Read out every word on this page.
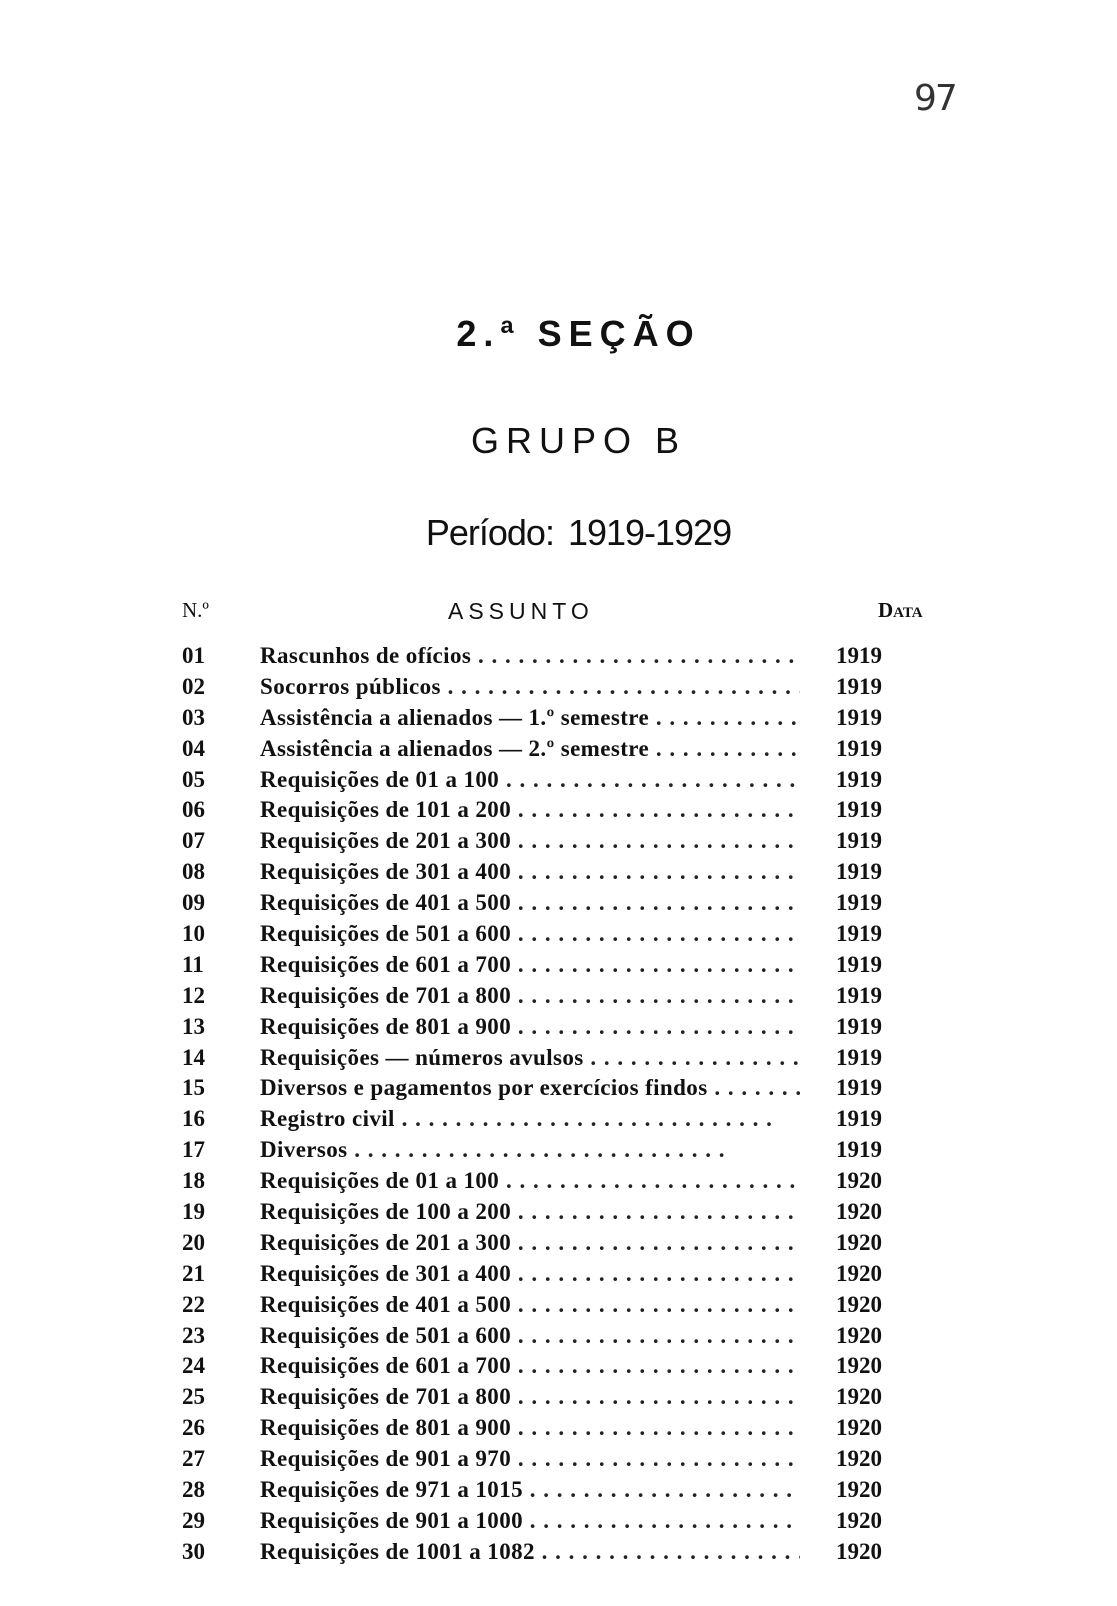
97
2.ª SEÇÃO
GRUPO B
Período: 1919-1929
N.º	ASSUNTO	Data
01	Rascunhos de ofícios . .	1919
02	Socorros públicos . .	1919
03	Assistência a alienados — 1.º semestre . .	1919
04	Assistência a alienados — 2.º semestre . .	1919
05	Requisições de 01 a 100 . .	1919
06	Requisições de 101 a 200 . .	1919
07	Requisições de 201 a 300 . .	1919
08	Requisições de 301 a 400 . .	1919
09	Requisições de 401 a 500 . .	1919
10	Requisições de 501 a 600 . .	1919
11	Requisições de 601 a 700 . .	1919
12	Requisições de 701 a 800 . .	1919
13	Requisições de 801 a 900 . .	1919
14	Requisições — números avulsos . .	1919
15	Diversos e pagamentos por exercícios findos . .	1919
16	Registro civil . .	1919
17	Diversos . .	1919
18	Requisições de 01 a 100 . .	1920
19	Requisições de 100 a 200 . .	1920
20	Requisições de 201 a 300 . .	1920
21	Requisições de 301 a 400 . .	1920
22	Requisições de 401 a 500 . .	1920
23	Requisições de 501 a 600 . .	1920
24	Requisições de 601 a 700 . .	1920
25	Requisições de 701 a 800 . .	1920
26	Requisições de 801 a 900 . .	1920
27	Requisições de 901 a 970 . .	1920
28	Requisições de 971 a 1015 . .	1920
29	Requisições de 901 a 1000 . .	1920
30	Requisições de 1001 a 1082 . .	1920
